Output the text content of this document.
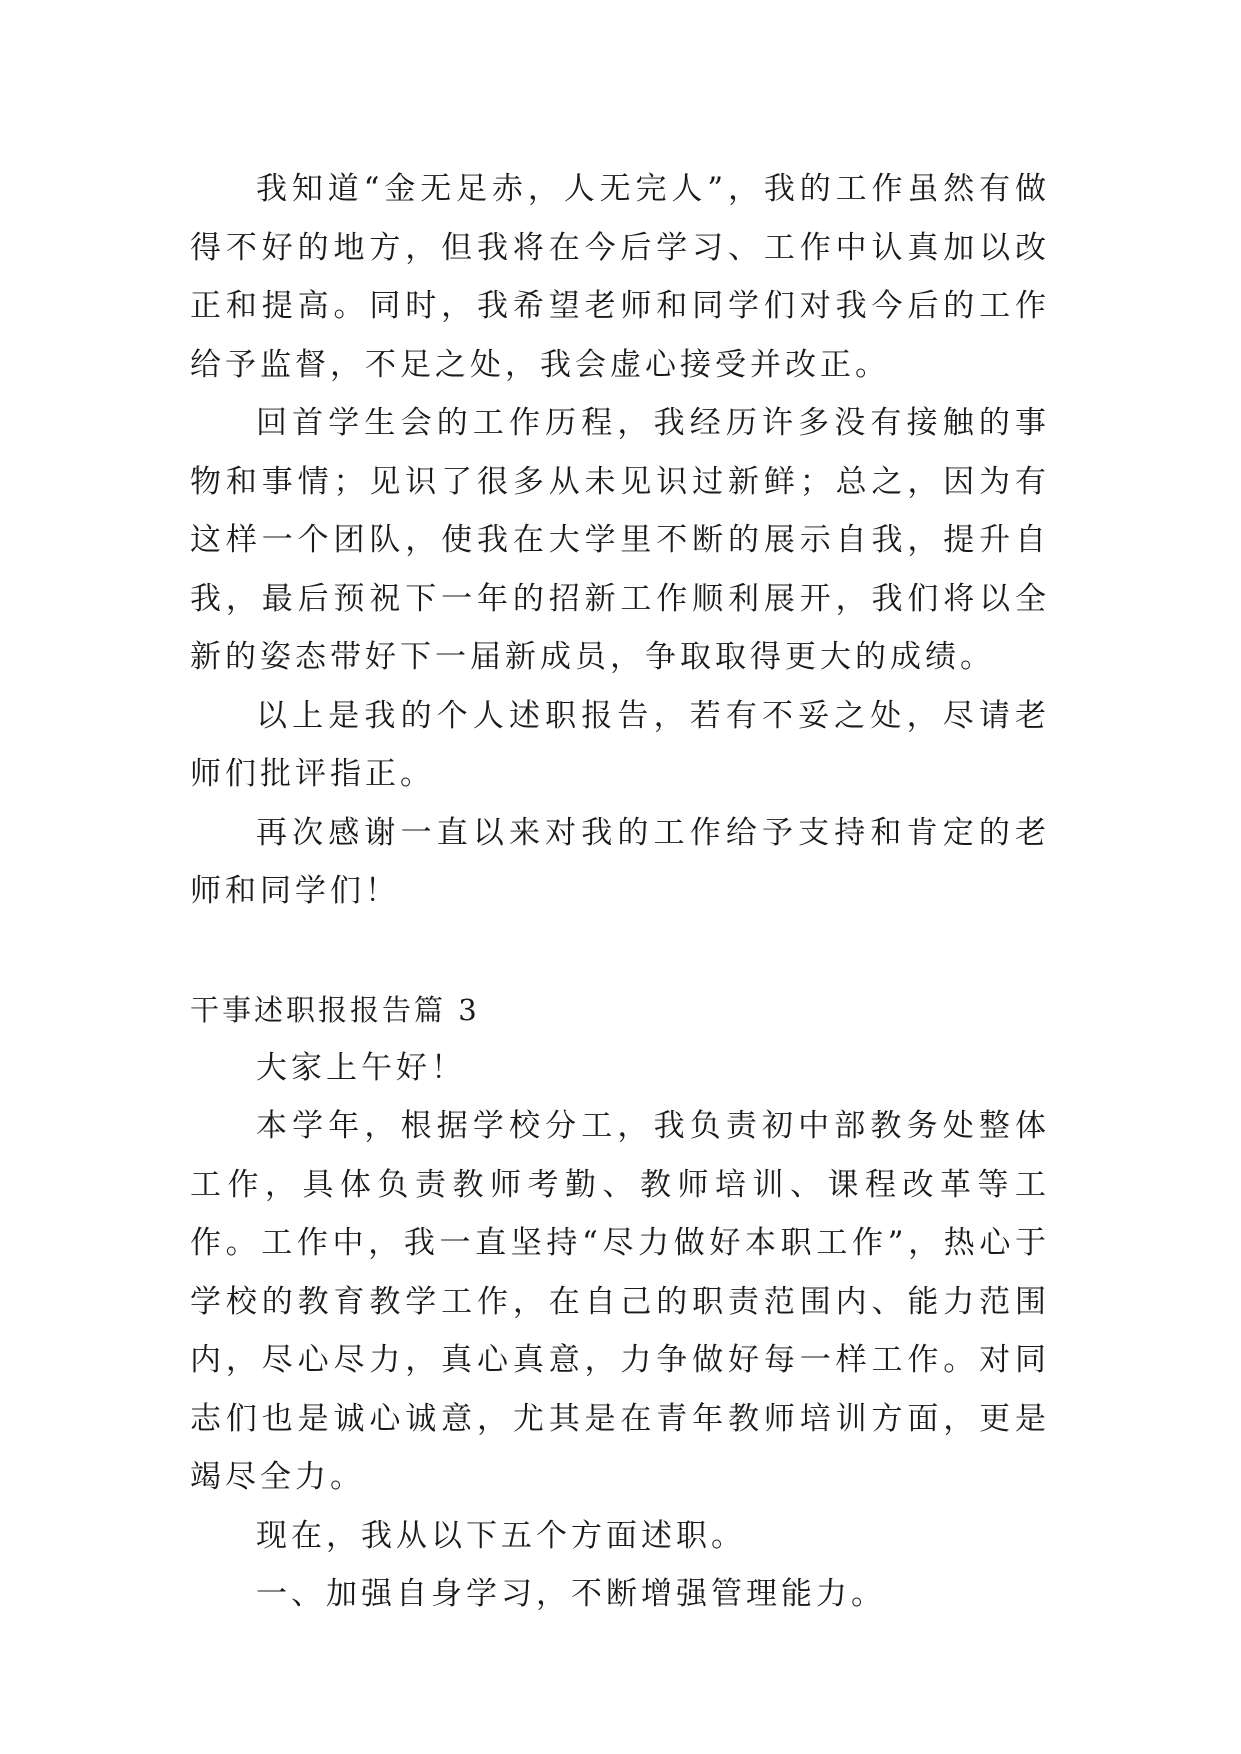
我知道“金无足赤，人无完人”，我的工作虽然有做得不好的地方，但我将在今后学习、工作中认真加以改正和提高。同时，我希望老师和同学们对我今后的工作给予监督，不足之处，我会虚心接受并改正。

回首学生会的工作历程，我经历许多没有接触的事物和事情；见识了很多从未见识过新鲜；总之，因为有这样一个团队，使我在大学里不断的展示自我，提升自我，最后预祝下一年的招新工作顺利展开，我们将以全新的姿态带好下一届新成员，争取取得更大的成绩。

以上是我的个人述职报告，若有不妥之处，尽请老师们批评指正。

再次感谢一直以来对我的工作给予支持和肯定的老师和同学们！

干事述职报报告篇 3

大家上午好！

本学年，根据学校分工，我负责初中部教务处整体工作，具体负责教师考勤、教师培训、课程改革等工作。工作中，我一直坚持“尽力做好本职工作”，热心于学校的教育教学工作，在自己的职责范围内、能力范围内，尽心尽力，真心真意，力争做好每一样工作。对同志们也是诚心诚意，尤其是在青年教师培训方面，更是竭尽全力。

现在，我从以下五个方面述职。

一、加强自身学习，不断增强管理能力。
